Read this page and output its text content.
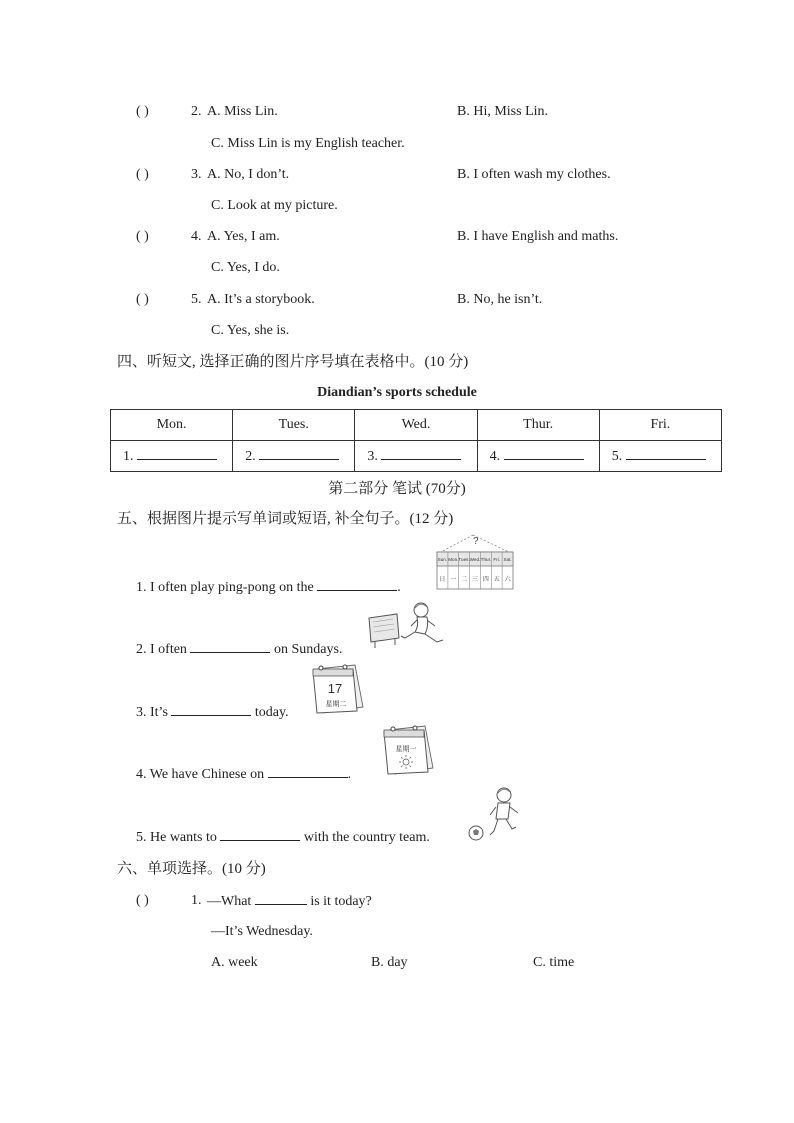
( )	2. A. Miss Lin.	B. Hi, Miss Lin.
C. Miss Lin is my English teacher.
( )	3. A. No, I don’t.	B. I often wash my clothes.
C. Look at my picture.
( )	4. A. Yes, I am.	B. I have English and maths.
C. Yes, I do.
( )	5. A. It’s a storybook.	B. No, he isn’t.
C. Yes, she is.
四、听短文, 选择正确的图片序号填在表格中。(10 分)
Diandian’s sports schedule
Mon.	Tues.	Wed.	Thur.	Fri.
1.	2.	3.	4.	5.
第二部分 笔试 (70分)
五、根据图片提示写单词或短语, 补全句子。(12 分)
1. I often play ping-pong on the	.
2. I often	on Sundays.
3. It’s	today.
4. We have Chinese on	.
5. He wants to	with the country team.
?
Sun. Mon. Tues. Wed. Thur. Fri. Sat.
日 一 二 三 四 五 六
17
星期二
星期一
六、单项选择。(10 分)
( )	1. —What	is it today?
—It’s Wednesday.
A. week	B. day	C. time
